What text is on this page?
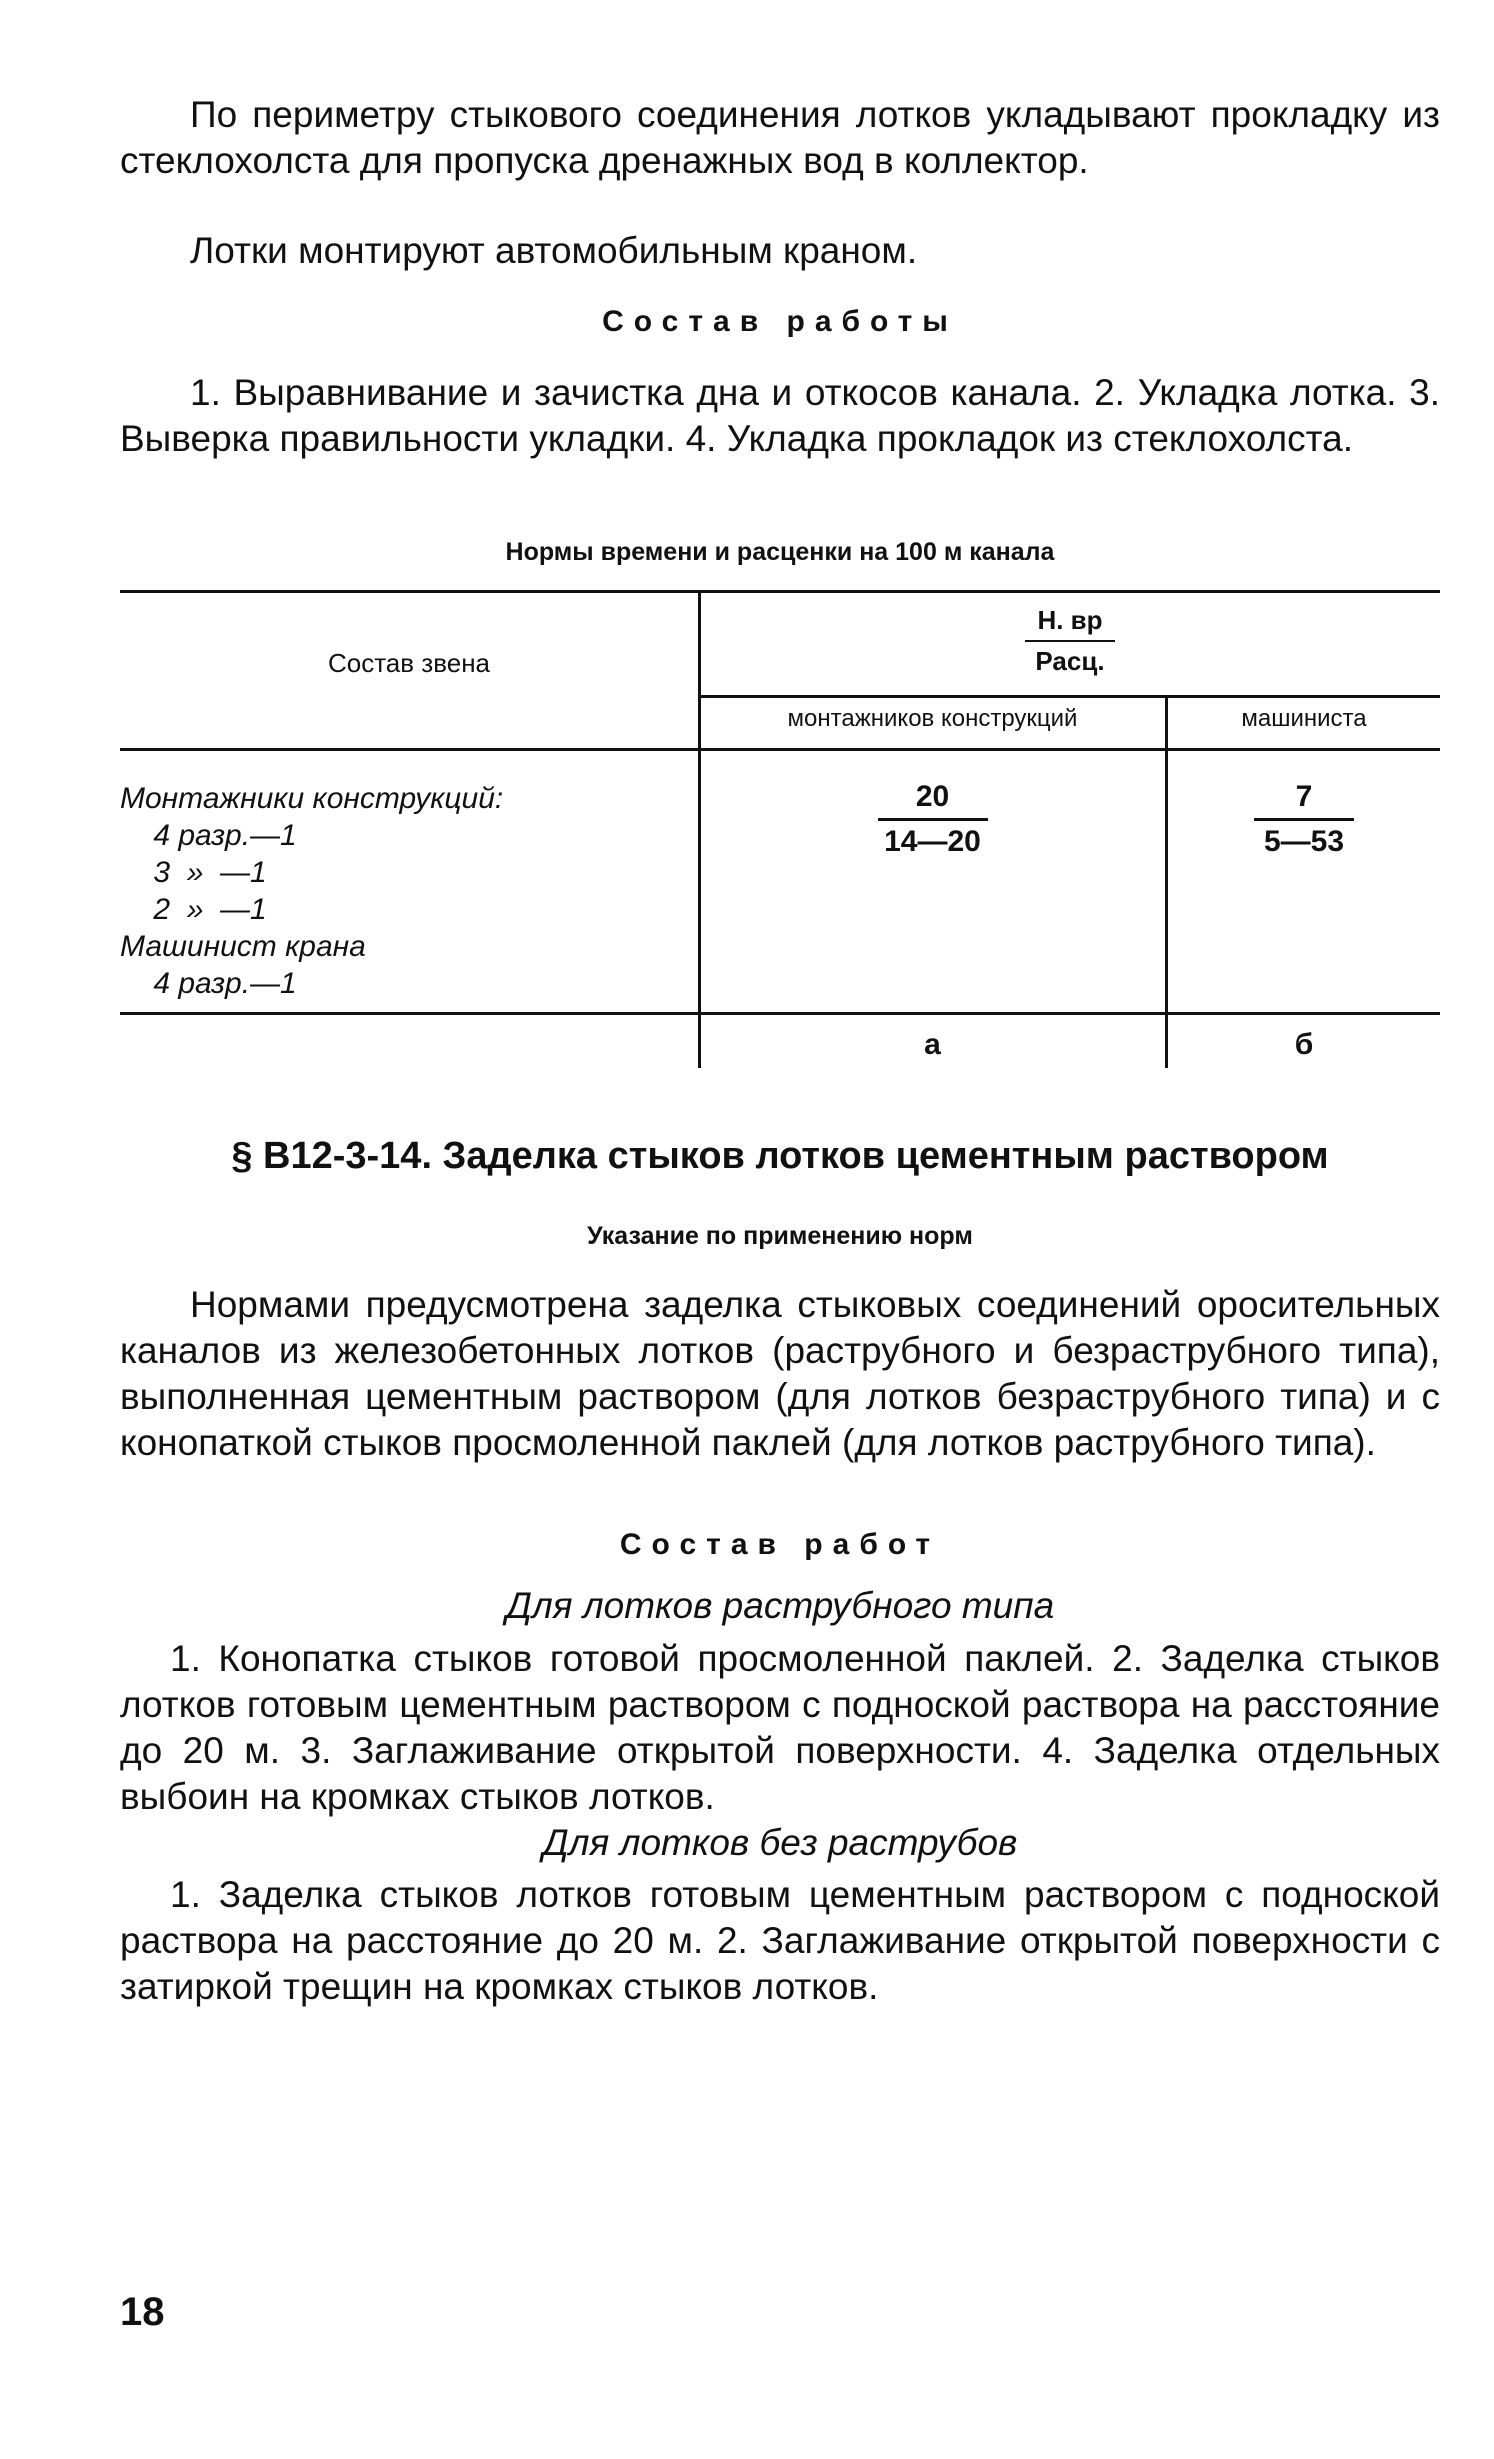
По периметру стыкового соединения лотков укладывают прокладку из стеклохолста для пропуска дренажных вод в коллектор.

Лотки монтируют автомобильным краном.

Состав работы

1. Выравнивание и зачистка дна и откосов канала. 2. Укладка лотка. 3. Выверка правильности укладки. 4. Укладка прокладок из стеклохолста.

Нормы времени и расценки на 100 м канала

Состав звена
Н. вр
Расц.
монтажников конструкций	машиниста
Монтажники конструкций:
4 разр.—1
3  »  —1
2  »  —1
Машинист крана
4 разр.—1
$\frac{20}{14—20} \frac{7}{5—53}$
а	б

§ В12-3-14. Заделка стыков лотков цементным раствором

Указание по применению норм

Нормами предусмотрена заделка стыковых соединений оросительных каналов из железобетонных лотков (раструбного и безраструбного типа), выполненная цементным раствором (для лотков безраструбного типа) и с конопаткой стыков просмоленной паклей (для лотков раструбного типа).

Состав работ

Для лотков раструбного типа

1. Конопатка стыков готовой просмоленной паклей. 2. Заделка стыков лотков готовым цементным раствором с подноской раствора на расстояние до 20 м. 3. Заглаживание открытой поверхности. 4. Заделка отдельных выбоин на кромках стыков лотков.

Для лотков без раструбов

1. Заделка стыков лотков готовым цементным раствором с подноской раствора на расстояние до 20 м. 2. Заглаживание открытой поверхности с затиркой трещин на кромках стыков лотков.

18
